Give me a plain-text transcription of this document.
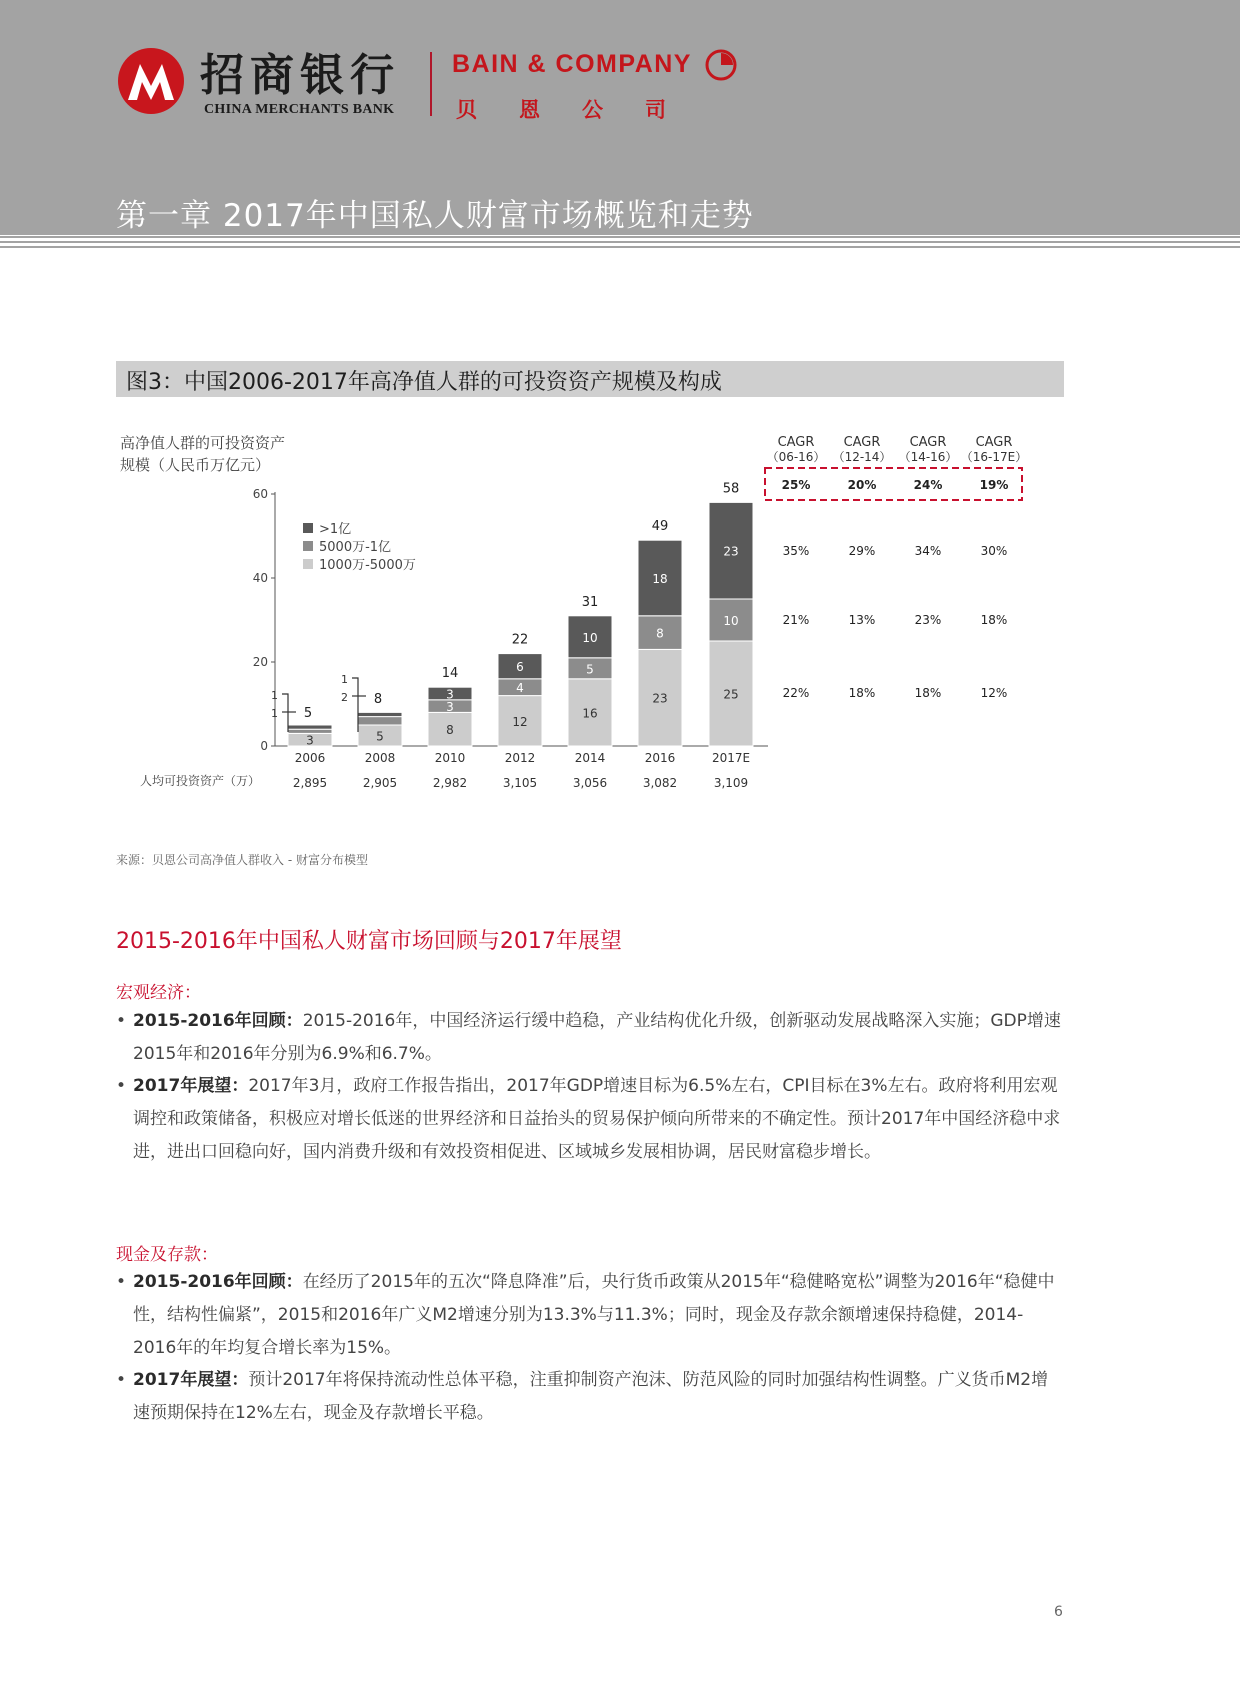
招商银行
CHINA MERCHANTS BANK
BAIN & COMPANY
贝恩公司
第一章 2017年中国私人财富市场概览和走势
图3：中国2006-2017年高净值人群的可投资资产规模及构成
高净值人群的可投资资产
规模（人民币万亿元）
0
20
40
60
3
5
2006
2,895
5
8
2008
2,905
8
3
3
14
2010
2,982
12
4
6
22
2012
3,105
16
5
10
31
2014
3,056
23
8
18
49
2016
3,082
25
10
23
58
2017E
3,109
1
1
1
2
>1亿
5000万-1亿
1000万-5000万
CAGR
（06-16）
CAGR
（12-14）
CAGR
（14-16）
CAGR
（16-17E）
25%	20%	24%	19%
35%	29%	34%	30%
21%	13%	23%	18%
22%	18%	18%	12%
人均可投资资产（万）
来源：贝恩公司高净值人群收入 - 财富分布模型
2015-2016年中国私人财富市场回顾与2017年展望
宏观经济：
• 2015-2016年回顾：2015-2016年，中国经济运行缓中趋稳，产业结构优化升级，创新驱动发展战略深入实施；GDP增速2015年和2016年分别为6.9%和6.7%。
• 2017年展望：2017年3月，政府工作报告指出，2017年GDP增速目标为6.5%左右，CPI目标在3%左右。政府将利用宏观调控和政策储备，积极应对增长低迷的世界经济和日益抬头的贸易保护倾向所带来的不确定性。预计2017年中国经济稳中求进，进出口回稳向好，国内消费升级和有效投资相促进、区域城乡发展相协调，居民财富稳步增长。
现金及存款：
• 2015-2016年回顾：在经历了2015年的五次“降息降准”后，央行货币政策从2015年“稳健略宽松”调整为2016年“稳健中性，结构性偏紧”，2015和2016年广义M2增速分别为13.3%与11.3%；同时，现金及存款余额增速保持稳健，2014-2016年的年均复合增长率为15%。
• 2017年展望：预计2017年将保持流动性总体平稳，注重抑制资产泡沫、防范风险的同时加强结构性调整。广义货币M2增速预期保持在12%左右，现金及存款增长平稳。
6
